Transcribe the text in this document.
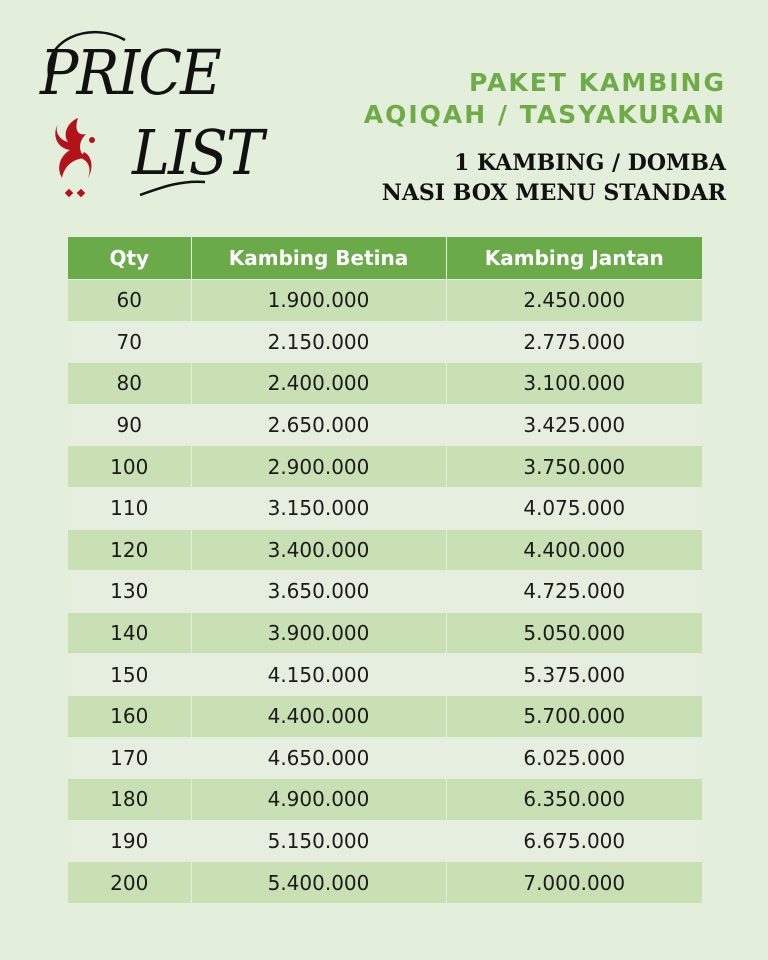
PRICE
LIST
PAKET KAMBING
AQIQAH / TASYAKURAN
1 KAMBING / DOMBA
NASI BOX MENU STANDAR
Qty	Kambing Betina	Kambing Jantan
60	1.900.000	2.450.000
70	2.150.000	2.775.000
80	2.400.000	3.100.000
90	2.650.000	3.425.000
100	2.900.000	3.750.000
110	3.150.000	4.075.000
120	3.400.000	4.400.000
130	3.650.000	4.725.000
140	3.900.000	5.050.000
150	4.150.000	5.375.000
160	4.400.000	5.700.000
170	4.650.000	6.025.000
180	4.900.000	6.350.000
190	5.150.000	6.675.000
200	5.400.000	7.000.000
